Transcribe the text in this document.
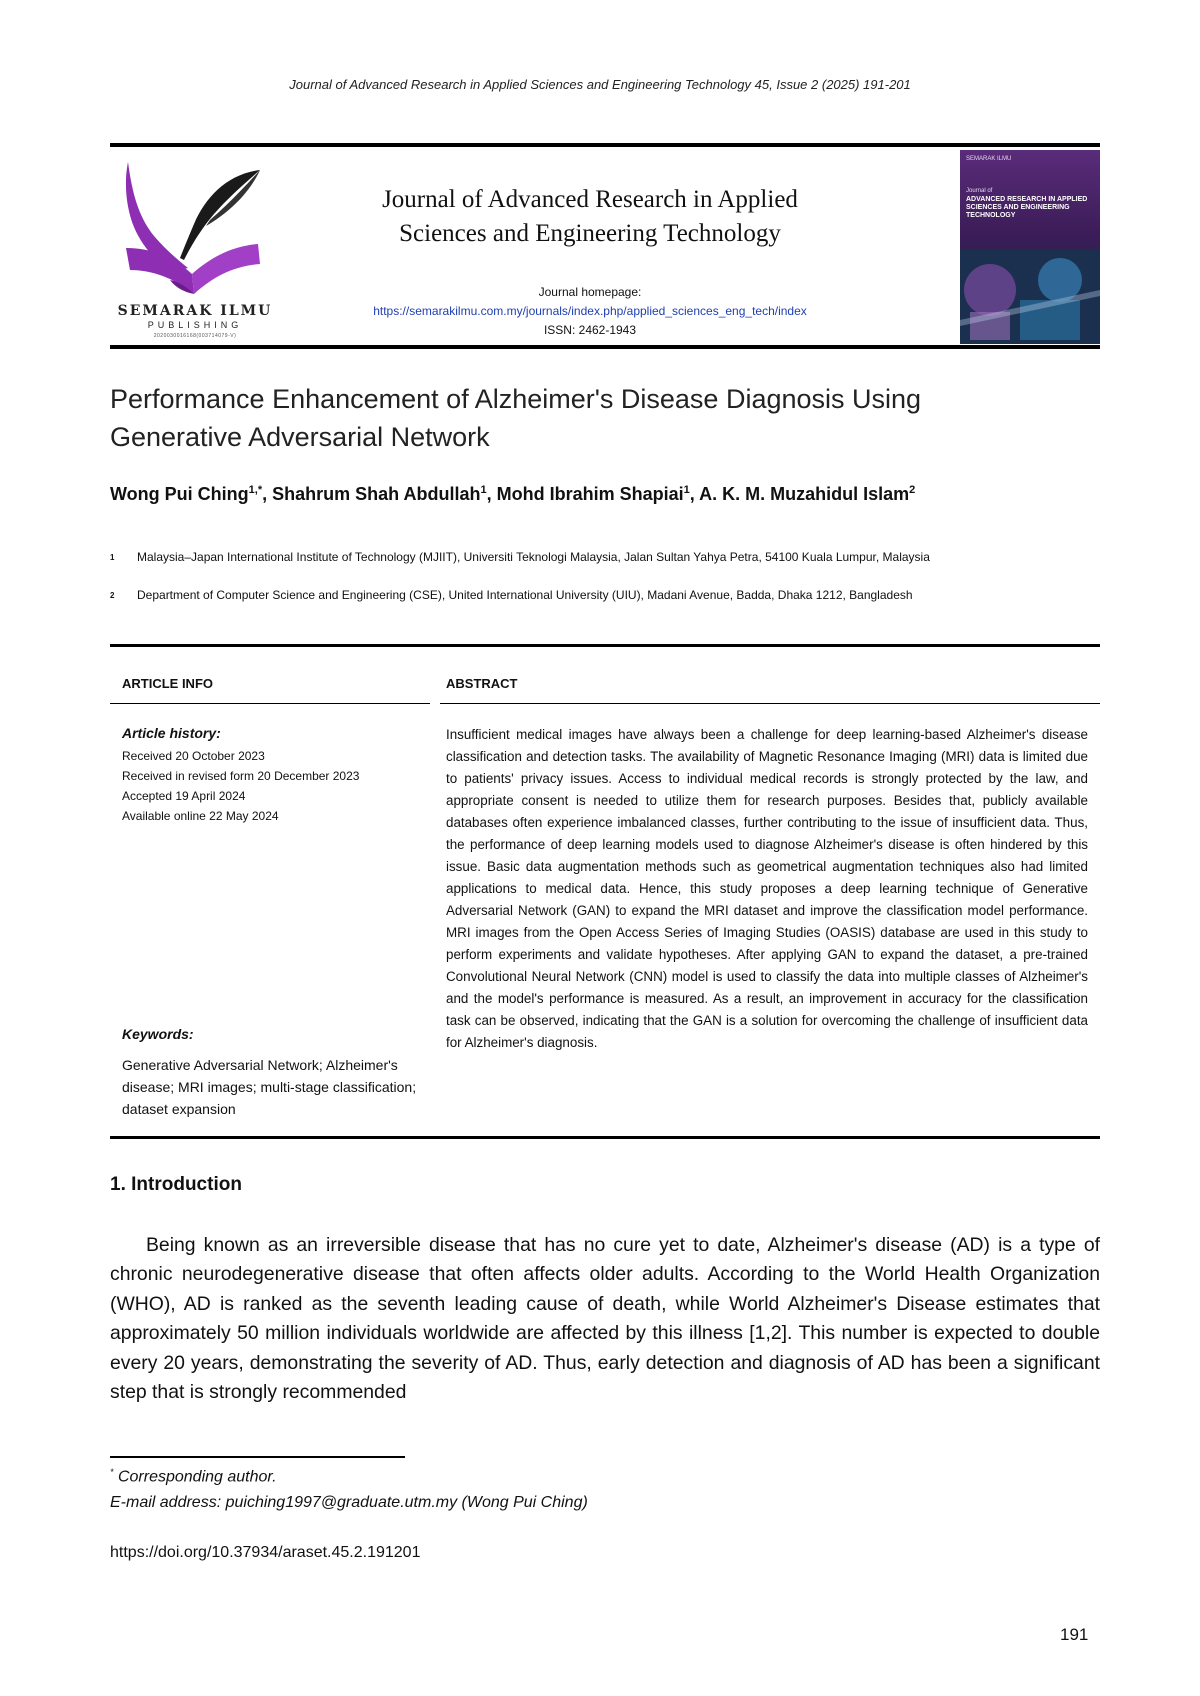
Journal of Advanced Research in Applied Sciences and Engineering Technology 45, Issue 2 (2025) 191-201
SEMARAK ILMU
PUBLISHING
2020030016168(003714079-V)
Journal of Advanced Research in Applied
Sciences and Engineering Technology
Journal homepage:
https://semarakilmu.com.my/journals/index.php/applied_sciences_eng_tech/index
ISSN: 2462-1943
SEMARAK ILMU
Journal of
ADVANCED RESEARCH IN APPLIED SCIENCES AND ENGINEERING TECHNOLOGY
Performance Enhancement of Alzheimer's Disease Diagnosis Using
Generative Adversarial Network
Wong Pui Ching$^{1,*}$, Shahrum Shah Abdullah$^1$, Mohd Ibrahim Shapiai$^1$, A. K. M. Muzahidul Islam$^2$
1 Malaysia–Japan International Institute of Technology (MJIIT), Universiti Teknologi Malaysia, Jalan Sultan Yahya Petra, 54100 Kuala Lumpur, Malaysia
2 Department of Computer Science and Engineering (CSE), United International University (UIU), Madani Avenue, Badda, Dhaka 1212, Bangladesh
ARTICLE INFO	ABSTRACT
Article history:
Received 20 October 2023
Received in revised form 20 December 2023
Accepted 19 April 2024
Available online 22 May 2024
Keywords:
Generative Adversarial Network; Alzheimer's disease; MRI images; multi-stage classification; dataset expansion
Insufficient medical images have always been a challenge for deep learning-based Alzheimer's disease classification and detection tasks. The availability of Magnetic Resonance Imaging (MRI) data is limited due to patients' privacy issues. Access to individual medical records is strongly protected by the law, and appropriate consent is needed to utilize them for research purposes. Besides that, publicly available databases often experience imbalanced classes, further contributing to the issue of insufficient data. Thus, the performance of deep learning models used to diagnose Alzheimer's disease is often hindered by this issue. Basic data augmentation methods such as geometrical augmentation techniques also had limited applications to medical data. Hence, this study proposes a deep learning technique of Generative Adversarial Network (GAN) to expand the MRI dataset and improve the classification model performance. MRI images from the Open Access Series of Imaging Studies (OASIS) database are used in this study to perform experiments and validate hypotheses. After applying GAN to expand the dataset, a pre-trained Convolutional Neural Network (CNN) model is used to classify the data into multiple classes of Alzheimer's and the model's performance is measured. As a result, an improvement in accuracy for the classification task can be observed, indicating that the GAN is a solution for overcoming the challenge of insufficient data for Alzheimer's diagnosis.
1. Introduction
Being known as an irreversible disease that has no cure yet to date, Alzheimer's disease (AD) is a type of chronic neurodegenerative disease that often affects older adults. According to the World Health Organization (WHO), AD is ranked as the seventh leading cause of death, while World Alzheimer's Disease estimates that approximately 50 million individuals worldwide are affected by this illness [1,2]. This number is expected to double every 20 years, demonstrating the severity of AD. Thus, early detection and diagnosis of AD has been a significant step that is strongly recommended
* Corresponding author.
E-mail address: puiching1997@graduate.utm.my (Wong Pui Ching)
https://doi.org/10.37934/araset.45.2.191201
191
